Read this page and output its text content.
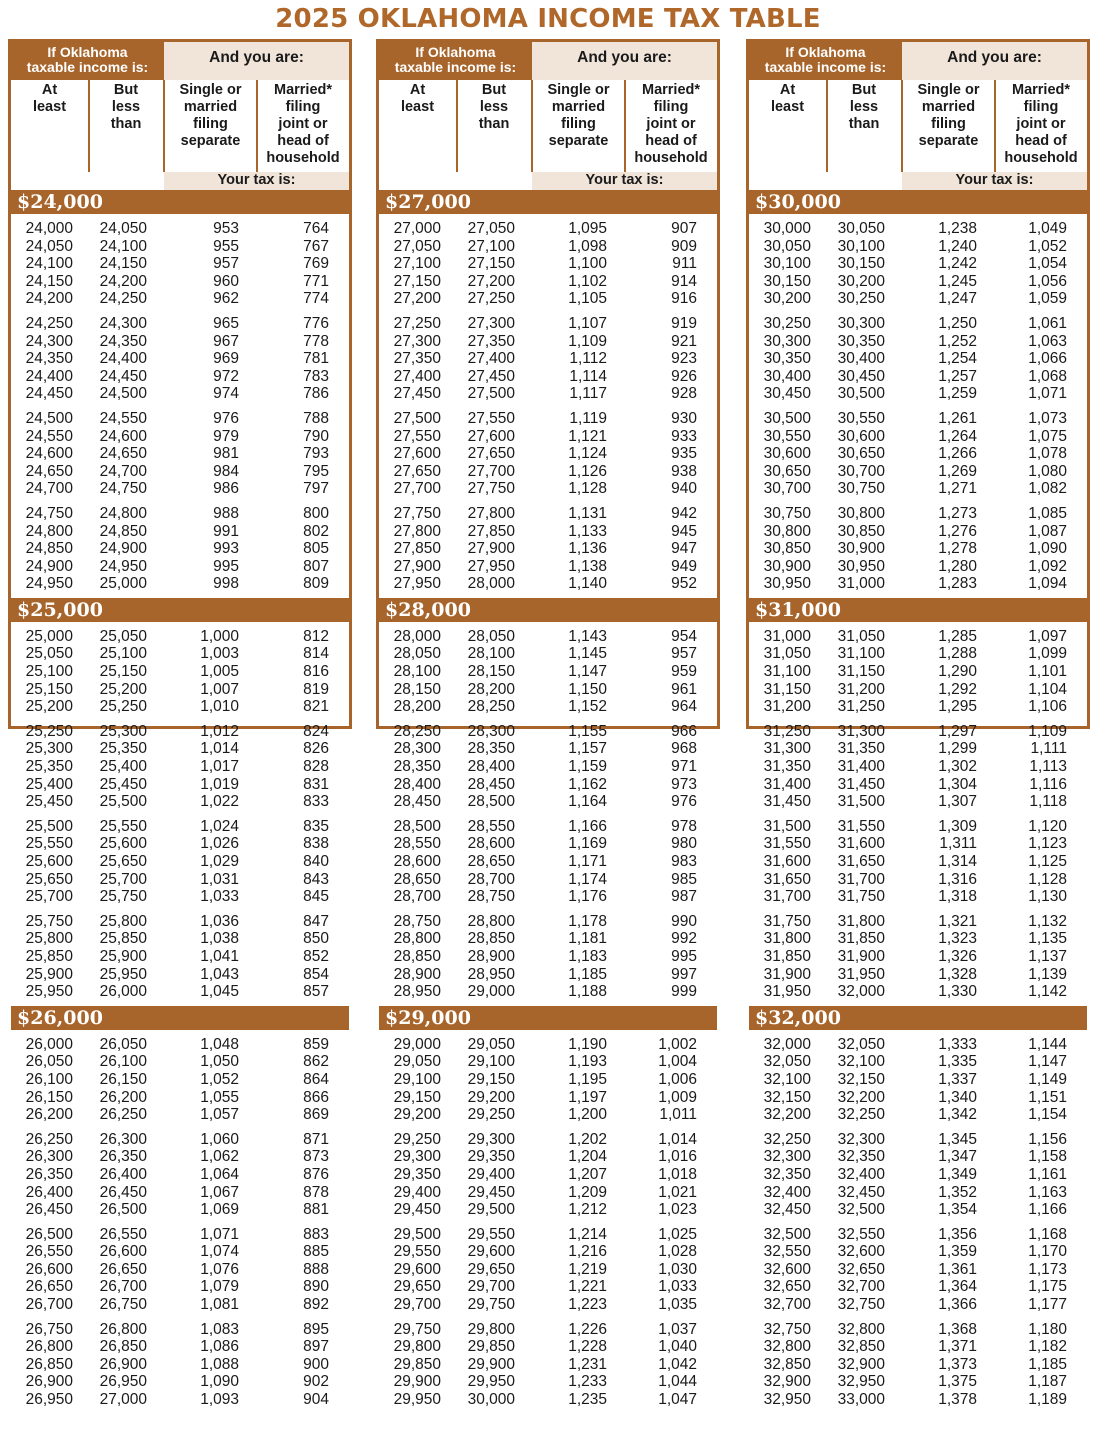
2025 OKLAHOMA INCOME TAX TABLE
If Oklahoma
taxable income is:
And you are:
At
least
But
less
than
Single or
married
filing
separate
Married*
filing
joint or
head of
household
Your tax is:
$24,000
24,000 24,050	953	764
24,050 24,100	955	767
24,100 24,150	957	769
24,150 24,200	960	771
24,200 24,250	962	774
24,250 24,300	965	776
24,300 24,350	967	778
24,350 24,400	969	781
24,400 24,450	972	783
24,450 24,500	974	786
24,500 24,550	976	788
24,550 24,600	979	790
24,600 24,650	981	793
24,650 24,700	984	795
24,700 24,750	986	797
24,750 24,800	988	800
24,800 24,850	991	802
24,850 24,900	993	805
24,900 24,950	995	807
24,950 25,000	998	809
$25,000
25,000 25,050	1,000	812
25,050 25,100	1,003	814
25,100 25,150	1,005	816
25,150 25,200	1,007	819
25,200 25,250	1,010	821
25,250 25,300	1,012	824
25,300 25,350	1,014	826
25,350 25,400	1,017	828
25,400 25,450	1,019	831
25,450 25,500	1,022	833
25,500 25,550	1,024	835
25,550 25,600	1,026	838
25,600 25,650	1,029	840
25,650 25,700	1,031	843
25,700 25,750	1,033	845
25,750 25,800	1,036	847
25,800 25,850	1,038	850
25,850 25,900	1,041	852
25,900 25,950	1,043	854
25,950 26,000	1,045	857
$26,000
26,000 26,050	1,048	859
26,050 26,100	1,050	862
26,100 26,150	1,052	864
26,150 26,200	1,055	866
26,200 26,250	1,057	869
26,250 26,300	1,060	871
26,300 26,350	1,062	873
26,350 26,400	1,064	876
26,400 26,450	1,067	878
26,450 26,500	1,069	881
26,500 26,550	1,071	883
26,550 26,600	1,074	885
26,600 26,650	1,076	888
26,650 26,700	1,079	890
26,700 26,750	1,081	892
26,750 26,800	1,083	895
26,800 26,850	1,086	897
26,850 26,900	1,088	900
26,900 26,950	1,090	902
26,950 27,000	1,093	904
If Oklahoma
taxable income is:
And you are:
At
least
But
less
than
Single or
married
filing
separate
Married*
filing
joint or
head of
household
Your tax is:
$27,000
27,000 27,050	1,095	907
27,050 27,100	1,098	909
27,100 27,150	1,100	911
27,150 27,200	1,102	914
27,200 27,250	1,105	916
27,250 27,300	1,107	919
27,300 27,350	1,109	921
27,350 27,400	1,112	923
27,400 27,450	1,114	926
27,450 27,500	1,117	928
27,500 27,550	1,119	930
27,550 27,600	1,121	933
27,600 27,650	1,124	935
27,650 27,700	1,126	938
27,700 27,750	1,128	940
27,750 27,800	1,131	942
27,800 27,850	1,133	945
27,850 27,900	1,136	947
27,900 27,950	1,138	949
27,950 28,000	1,140	952
$28,000
28,000 28,050	1,143	954
28,050 28,100	1,145	957
28,100 28,150	1,147	959
28,150 28,200	1,150	961
28,200 28,250	1,152	964
28,250 28,300	1,155	966
28,300 28,350	1,157	968
28,350 28,400	1,159	971
28,400 28,450	1,162	973
28,450 28,500	1,164	976
28,500 28,550	1,166	978
28,550 28,600	1,169	980
28,600 28,650	1,171	983
28,650 28,700	1,174	985
28,700 28,750	1,176	987
28,750 28,800	1,178	990
28,800 28,850	1,181	992
28,850 28,900	1,183	995
28,900 28,950	1,185	997
28,950 29,000	1,188	999
$29,000
29,000 29,050	1,190	1,002
29,050 29,100	1,193	1,004
29,100 29,150	1,195	1,006
29,150 29,200	1,197	1,009
29,200 29,250	1,200	1,011
29,250 29,300	1,202	1,014
29,300 29,350	1,204	1,016
29,350 29,400	1,207	1,018
29,400 29,450	1,209	1,021
29,450 29,500	1,212	1,023
29,500 29,550	1,214	1,025
29,550 29,600	1,216	1,028
29,600 29,650	1,219	1,030
29,650 29,700	1,221	1,033
29,700 29,750	1,223	1,035
29,750 29,800	1,226	1,037
29,800 29,850	1,228	1,040
29,850 29,900	1,231	1,042
29,900 29,950	1,233	1,044
29,950 30,000	1,235	1,047
If Oklahoma
taxable income is:
And you are:
At
least
But
less
than
Single or
married
filing
separate
Married*
filing
joint or
head of
household
Your tax is:
$30,000
30,000 30,050	1,238	1,049
30,050 30,100	1,240	1,052
30,100 30,150	1,242	1,054
30,150 30,200	1,245	1,056
30,200 30,250	1,247	1,059
30,250 30,300	1,250	1,061
30,300 30,350	1,252	1,063
30,350 30,400	1,254	1,066
30,400 30,450	1,257	1,068
30,450 30,500	1,259	1,071
30,500 30,550	1,261	1,073
30,550 30,600	1,264	1,075
30,600 30,650	1,266	1,078
30,650 30,700	1,269	1,080
30,700 30,750	1,271	1,082
30,750 30,800	1,273	1,085
30,800 30,850	1,276	1,087
30,850 30,900	1,278	1,090
30,900 30,950	1,280	1,092
30,950 31,000	1,283	1,094
$31,000
31,000 31,050	1,285	1,097
31,050 31,100	1,288	1,099
31,100 31,150	1,290	1,101
31,150 31,200	1,292	1,104
31,200 31,250	1,295	1,106
31,250 31,300	1,297	1,109
31,300 31,350	1,299	1,111
31,350 31,400	1,302	1,113
31,400 31,450	1,304	1,116
31,450 31,500	1,307	1,118
31,500 31,550	1,309	1,120
31,550 31,600	1,311	1,123
31,600 31,650	1,314	1,125
31,650 31,700	1,316	1,128
31,700 31,750	1,318	1,130
31,750 31,800	1,321	1,132
31,800 31,850	1,323	1,135
31,850 31,900	1,326	1,137
31,900 31,950	1,328	1,139
31,950 32,000	1,330	1,142
$32,000
32,000 32,050	1,333	1,144
32,050 32,100	1,335	1,147
32,100 32,150	1,337	1,149
32,150 32,200	1,340	1,151
32,200 32,250	1,342	1,154
32,250 32,300	1,345	1,156
32,300 32,350	1,347	1,158
32,350 32,400	1,349	1,161
32,400 32,450	1,352	1,163
32,450 32,500	1,354	1,166
32,500 32,550	1,356	1,168
32,550 32,600	1,359	1,170
32,600 32,650	1,361	1,173
32,650 32,700	1,364	1,175
32,700 32,750	1,366	1,177
32,750 32,800	1,368	1,180
32,800 32,850	1,371	1,182
32,850 32,900	1,373	1,185
32,900 32,950	1,375	1,187
32,950 33,000	1,378	1,189
